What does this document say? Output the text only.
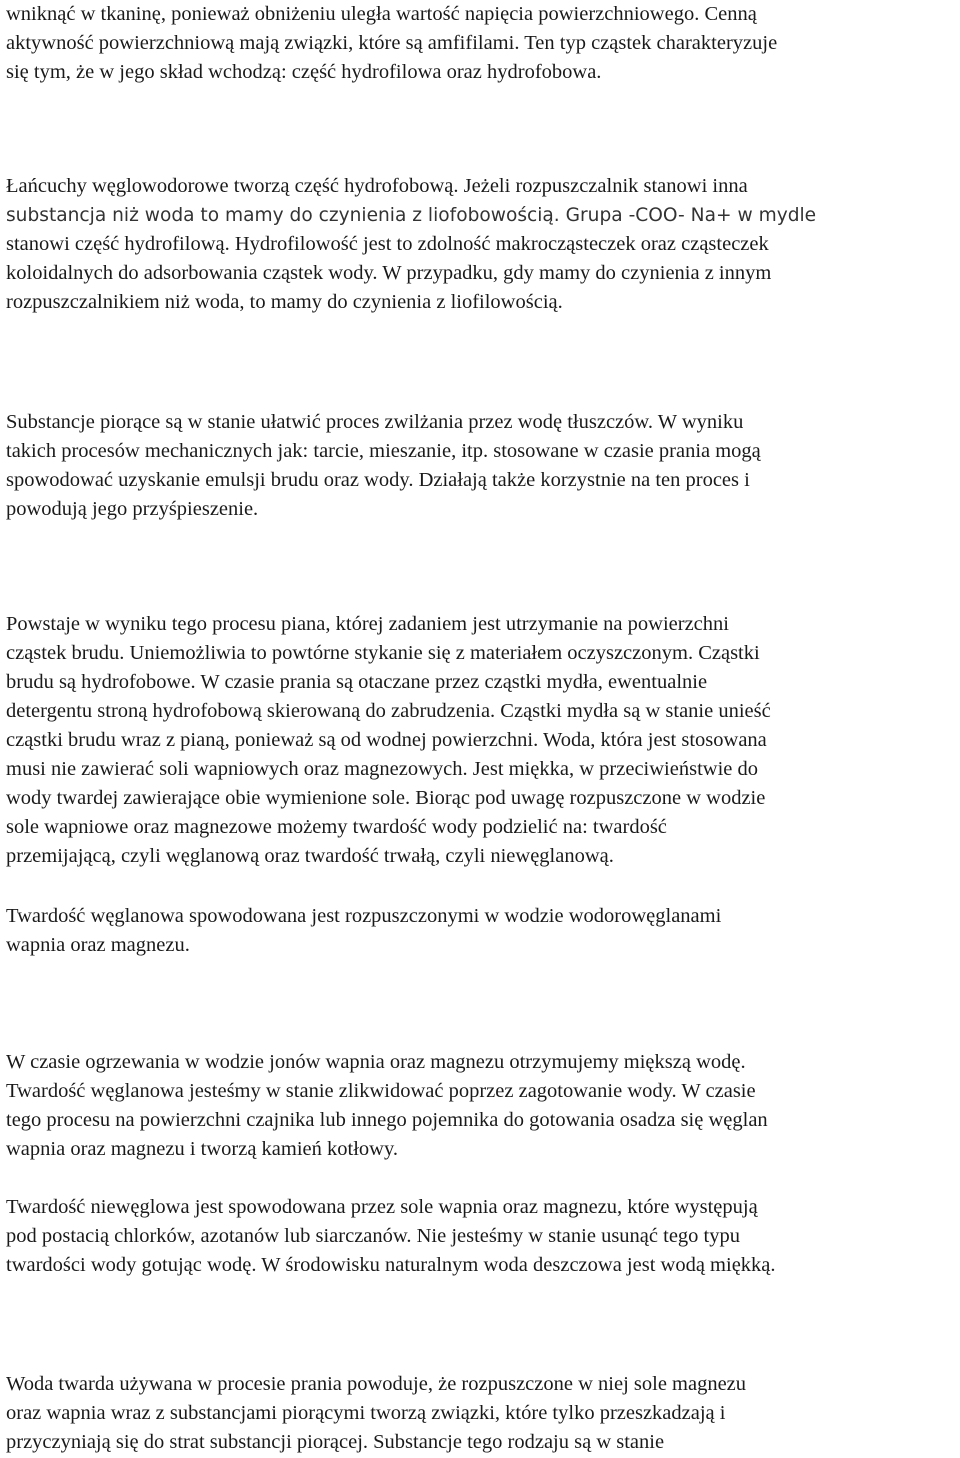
wniknąć w tkaninę, ponieważ obniżeniu uległa wartość napięcia powierzchniowego. Cenną
aktywność powierzchniową mają związki, które są amfifilami. Ten typ cząstek charakteryzuje
się tym, że w jego skład wchodzą: część hydrofilowa oraz hydrofobowa.
Łańcuchy węglowodorowe tworzą część hydrofobową. Jeżeli rozpuszczalnik stanowi inna
substancja niż woda to mamy do czynienia z liofobowością. Grupa -COO- Na+ w mydle
stanowi część hydrofilową. Hydrofilowość jest to zdolność makrocząsteczek oraz cząsteczek
koloidalnych do adsorbowania cząstek wody. W przypadku, gdy mamy do czynienia z innym
rozpuszczalnikiem niż woda, to mamy do czynienia z liofilowością.
Substancje piorące są w stanie ułatwić proces zwilżania przez wodę tłuszczów. W wyniku
takich procesów mechanicznych jak: tarcie, mieszanie, itp. stosowane w czasie prania mogą
spowodować uzyskanie emulsji brudu oraz wody. Działają także korzystnie na ten proces i
powodują jego przyśpieszenie.
Powstaje w wyniku tego procesu piana, której zadaniem jest utrzymanie na powierzchni
cząstek brudu. Uniemożliwia to powtórne stykanie się z materiałem oczyszczonym. Cząstki
brudu są hydrofobowe. W czasie prania są otaczane przez cząstki mydła, ewentualnie
detergentu stroną hydrofobową skierowaną do zabrudzenia. Cząstki mydła są w stanie unieść
cząstki brudu wraz z pianą, ponieważ są od wodnej powierzchni. Woda, która jest stosowana
musi nie zawierać soli wapniowych oraz magnezowych. Jest miękka, w przeciwieństwie do
wody twardej zawierające obie wymienione sole. Biorąc pod uwagę rozpuszczone w wodzie
sole wapniowe oraz magnezowe możemy twardość wody podzielić na: twardość
przemijającą, czyli węglanową oraz twardość trwałą, czyli niewęglanową.
Twardość węglanowa spowodowana jest rozpuszczonymi w wodzie wodorowęglanami
wapnia oraz magnezu.
W czasie ogrzewania w wodzie jonów wapnia oraz magnezu otrzymujemy miększą wodę.
Twardość węglanowa jesteśmy w stanie zlikwidować poprzez zagotowanie wody. W czasie
tego procesu na powierzchni czajnika lub innego pojemnika do gotowania osadza się węglan
wapnia oraz magnezu i tworzą kamień kotłowy.
Twardość niewęglowa jest spowodowana przez sole wapnia oraz magnezu, które występują
pod postacią chlorków, azotanów lub siarczanów. Nie jesteśmy w stanie usunąć tego typu
twardości wody gotując wodę. W środowisku naturalnym woda deszczowa jest wodą miękką.
Woda twarda używana w procesie prania powoduje, że rozpuszczone w niej sole magnezu
oraz wapnia wraz z substancjami piorącymi tworzą związki, które tylko przeszkadzają i
przyczyniają się do strat substancji piorącej. Substancje tego rodzaju są w stanie
